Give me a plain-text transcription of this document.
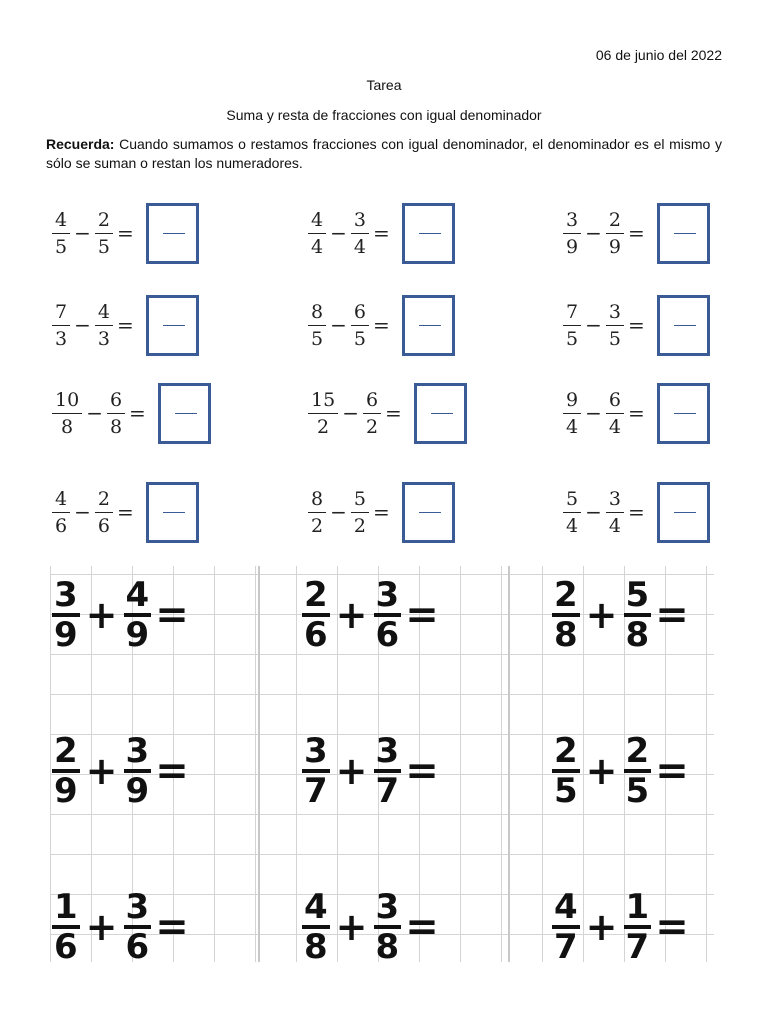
06 de junio del 2022
Tarea
Suma y resta de fracciones con igual denominador
Recuerda: Cuando sumamos o restamos fracciones con igual denominador, el denominador es el mismo y sólo se suman o restan los numeradores.
$\frac{4}{5} - \frac{2}{5}$ =	$\frac{4}{4} - \frac{3}{4}$ =	$\frac{3}{9} - \frac{2}{9}$ =
$\frac{7}{3} - \frac{4}{3}$ =	$\frac{8}{5} - \frac{6}{5}$ =	$\frac{7}{5} - \frac{3}{5}$ =
$\frac{10}{8} - \frac{6}{8}$ =	$\frac{15}{2} - \frac{6}{2}$ =	$\frac{9}{4} - \frac{6}{4}$ =
$\frac{4}{6} - \frac{2}{6}$ =	$\frac{8}{2} - \frac{5}{2}$ =	$\frac{5}{4} - \frac{3}{4}$ =
$\frac{3}{9} + \frac{4}{9}$ =	$\frac{2}{6} + \frac{3}{6}$ =	$\frac{2}{8} + \frac{5}{8}$ =
$\frac{2}{9} + \frac{3}{9}$ =	$\frac{3}{7} + \frac{3}{7}$ =	$\frac{2}{5} + \frac{2}{5}$ =
$\frac{1}{6} + \frac{3}{6}$ =	$\frac{4}{8} + \frac{3}{8}$ =	$\frac{4}{7} + \frac{1}{7}$ =
